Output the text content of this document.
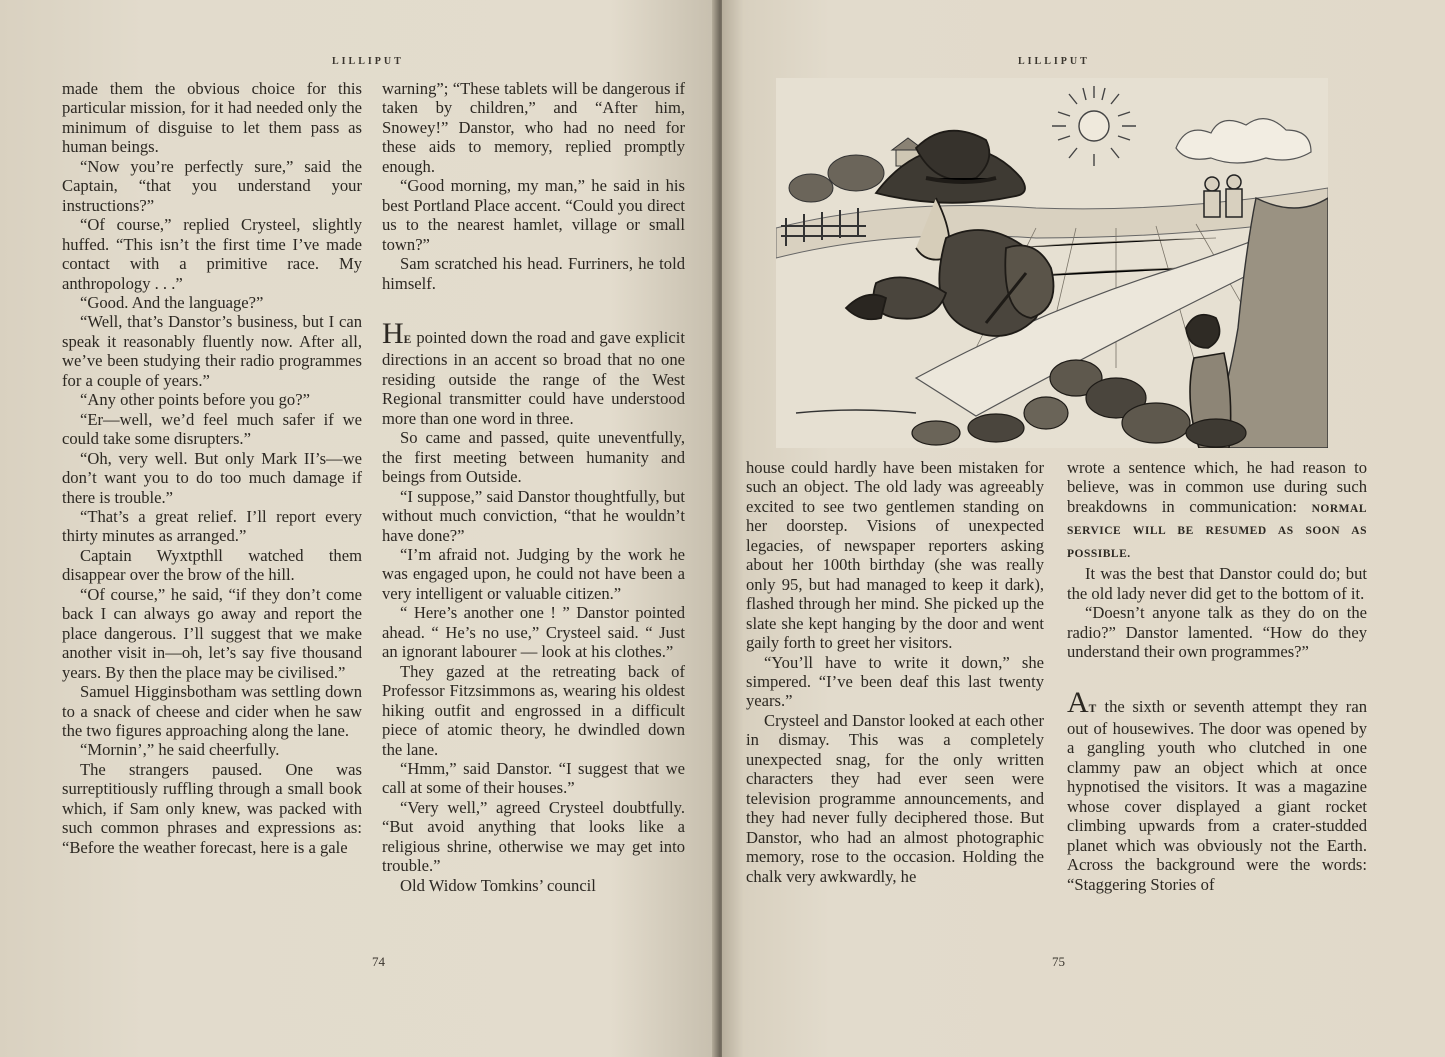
LILLIPUT

made them the obvious choice for this particular mission, for it had needed only the minimum of disguise to let them pass as human beings.

“Now you’re perfectly sure,” said the Captain, “that you understand your instructions?”

“Of course,” replied Crysteel, slightly huffed. “This isn’t the first time I’ve made contact with a primitive race. My anthropology . . .”

“Good. And the language?”

“Well, that’s Danstor’s business, but I can speak it reasonably fluently now. After all, we’ve been studying their radio programmes for a couple of years.”

“Any other points before you go?”

“Er—well, we’d feel much safer if we could take some disrupters.”

“Oh, very well. But only Mark II’s—we don’t want you to do too much damage if there is trouble.”

“That’s a great relief. I’ll report every thirty minutes as arranged.”

Captain Wyxtpthll watched them disappear over the brow of the hill.

“Of course,” he said, “if they don’t come back I can always go away and report the place dangerous. I’ll suggest that we make another visit in—oh, let’s say five thousand years. By then the place may be civilised.”

Samuel Higginsbotham was settling down to a snack of cheese and cider when he saw the two figures approaching along the lane.

“Mornin’,” he said cheerfully.

The strangers paused. One was surreptitiously ruffling through a small book which, if Sam only knew, was packed with such common phrases and expressions as: “Before the weather forecast, here is a gale

warning”; “These tablets will be dangerous if taken by children,” and “After him, Snowey!” Danstor, who had no need for these aids to memory, replied promptly enough.

“Good morning, my man,” he said in his best Portland Place accent. “Could you direct us to the nearest hamlet, village or small town?”

Sam scratched his head. Furriners, he told himself.

HE pointed down the road and gave explicit directions in an accent so broad that no one residing outside the range of the West Regional transmitter could have understood more than one word in three.

So came and passed, quite uneventfully, the first meeting between humanity and beings from Outside.

“I suppose,” said Danstor thoughtfully, but without much conviction, “that he wouldn’t have done?”

“I’m afraid not. Judging by the work he was engaged upon, he could not have been a very intelligent or valuable citizen.”

“ Here’s another one ! ” Danstor pointed ahead. “ He’s no use,” Crysteel said. “ Just an ignorant labourer — look at his clothes.”

They gazed at the retreating back of Professor Fitzsimmons as, wearing his oldest hiking outfit and engrossed in a difficult piece of atomic theory, he dwindled down the lane.

“Hmm,” said Danstor. “I suggest that we call at some of their houses.”

“Very well,” agreed Crysteel doubtfully. “But avoid anything that looks like a religious shrine, otherwise we may get into trouble.”

Old Widow Tomkins’ council

74
LILLIPUT
75

house could hardly have been mistaken for such an object. The old lady was agreeably excited to see two gentlemen standing on her doorstep. Visions of unexpected legacies, of newspaper reporters asking about her 100th birthday (she was really only 95, but had managed to keep it dark), flashed through her mind. She picked up the slate she kept hanging by the door and went gaily forth to greet her visitors.

“You’ll have to write it down,” she simpered. “I’ve been deaf this last twenty years.”

Crysteel and Danstor looked at each other in dismay. This was a completely unexpected snag, for the only written characters they had ever seen were television programme announcements, and they had never fully deciphered those. But Danstor, who had an almost photographic memory, rose to the occasion. Holding the chalk very awkwardly, he

wrote a sentence which, he had reason to believe, was in common use during such breakdowns in communication: NORMAL SERVICE WILL BE RESUMED AS SOON AS POSSIBLE.

It was the best that Danstor could do; but the old lady never did get to the bottom of it.

“Doesn’t anyone talk as they do on the radio?” Danstor lamented. “How do they understand their own programmes?”

AT the sixth or seventh attempt they ran out of housewives. The door was opened by a gangling youth who clutched in one clammy paw an object which at once hypnotised the visitors. It was a magazine whose cover displayed a giant rocket climbing upwards from a crater-studded planet which was obviously not the Earth. Across the background were the words: “Staggering Stories of
